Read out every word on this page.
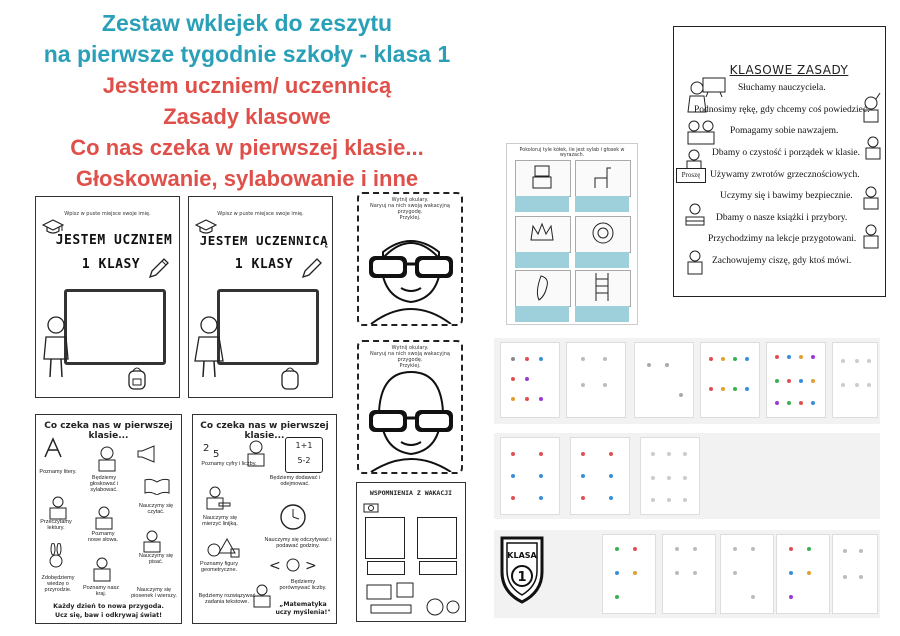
Zestaw wklejek do zeszytu
na pierwsze tygodnie szkoły - klasa 1
Jestem uczniem/ uczennicą
Zasady klasowe
Co nas czeka w pierwszej klasie...
Głoskowanie, sylabowanie i inne
Wpisz w puste miejsce swoje imię.
JESTEM UCZNIEM
1 KLASY
Wpisz w puste miejsce swoje imię.
JESTEM UCZENNICĄ
1 KLASY
Wytnij okulary.
Naryuj na nich swoją wakacyjną przygodę.
Przyklej.
Wytnij okulary.
Naryuj na nich swoją wakacyjną przygodę.
Przyklej.
Pokoloruj tyle kółek, ile jest sylab i głosek w wyrazach.
KLASOWE ZASADY
Słuchamy nauczyciela.
Podnosimy rękę, gdy chcemy coś powiedzieć.
Pomagamy sobie nawzajem.
Dbamy o czystość i porządek w klasie.
Proszę	Używamy zwrotów grzecznościowych.
Uczymy się i bawimy bezpiecznie.
Dbamy o nasze książki i przybory.
Przychodzimy na lekcje przygotowani.
Zachowujemy ciszę, gdy ktoś mówi.
Co czeka nas w pierwszej klasie...
Poznamy litery.
Będziemy głoskować i sylabować.
Nauczymy się czytać.
Przeczytamy lektury.
Poznamy nowe słowa.
Nauczymy się pisać.
Zdobędziemy wiedzę o przyrodzie.	Poznamy nasz kraj.
Nauczymy się piosenek i wierszy.
Każdy dzień to nowa przygoda.
Ucz się, baw i odkrywaj świat!
Co czeka nas w pierwszej klasie...
2
5
1+1
5-2
Poznamy cyfry i liczby.
Będziemy dodawać i odejmować.
Nauczymy się mierzyć linijką.
Nauczymy się odczytywać i podawać godziny.
Poznamy figury geometryczne.
Będziemy porównywać liczby.
Będziemy rozwiązywać zadania tekstowe.
< >
„Matematyka uczy myślenia!"
WSPOMNIENIA Z WAKACJI
KLASA
1
